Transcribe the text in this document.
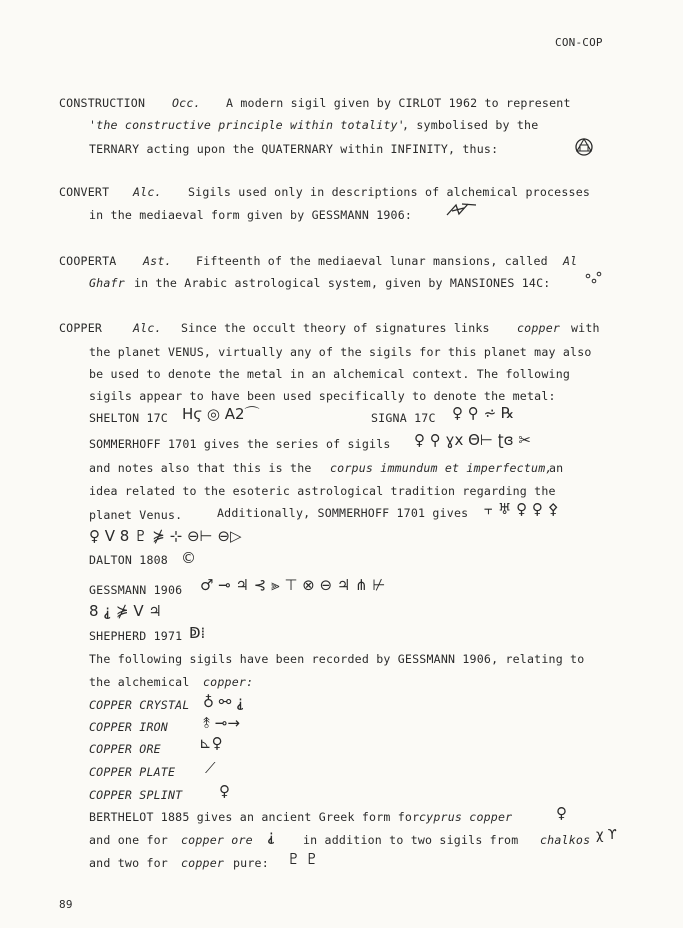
CON-COP
CONSTRUCTION Occ. A modern sigil given by CIRLOT 1962 to represent
'the constructive principle within totality'
, symbolised by the
TERNARY acting upon the QUATERNARY within INFINITY, thus:
CONVERT Alc. Sigils used only in descriptions of alchemical processes
in the mediaeval form given by GESSMANN 1906:
COOPERTA Ast. Fifteenth of the mediaeval lunar mansions, called Al
Ghafr in the Arabic astrological system, given by MANSIONES 14C:
COPPER	Alc. Since the occult theory of signatures links copper with
the planet VENUS, virtually any of the sigils for this planet may also
be used to denote the metal in an alchemical context. The following
sigils appear to have been used specifically to denote the metal:
SHELTON 17C Ηϛ ◎ Α2⌒	SIGNA 17C ♀ ⚲ ⩫ ℞
SOMMERHOFF 1701 gives the series of sigils ♀ ⚲ ɣx Θ⊢ ʈɞ ✂
and notes also that this is the corpus immundum et imperfectum,
an
idea related to the esoteric astrological tradition regarding the
planet Venus.	Additionally, SOMMERHOFF 1701 gives ⫟ ♅ ♀ ♀ ⚴
♀ V 8 ♇ ⋡ ⊹ ⊖⊢ ⊖▷
DALTON 1808 ©
GESSMANN 1906 ♂ ⊸ ♃ ⊰ ⫸ ⊤ ⊗ ⊖ ♃ ⋔ ⊬
8 ⸘ ⋡ V ♃
SHEPHERD 1971 ↁ⁞
The following sigils have been recorded by GESSMANN 1906, relating to
the alchemical copper:
COPPER CRYSTAL ♁ ⚯ ⸘
COPPER IRON ⥉ ⊸→
COPPER ORE	⊾♀
COPPER PLATE ⟋
COPPER SPLINT ♀
BERTHELOT 1885 gives an ancient Greek form for cyprus copper	♀
and one for copper ore ⸘ in addition to two sigils from chalkos χ ϒ
and two for copper pure: ♇ ♇
89
